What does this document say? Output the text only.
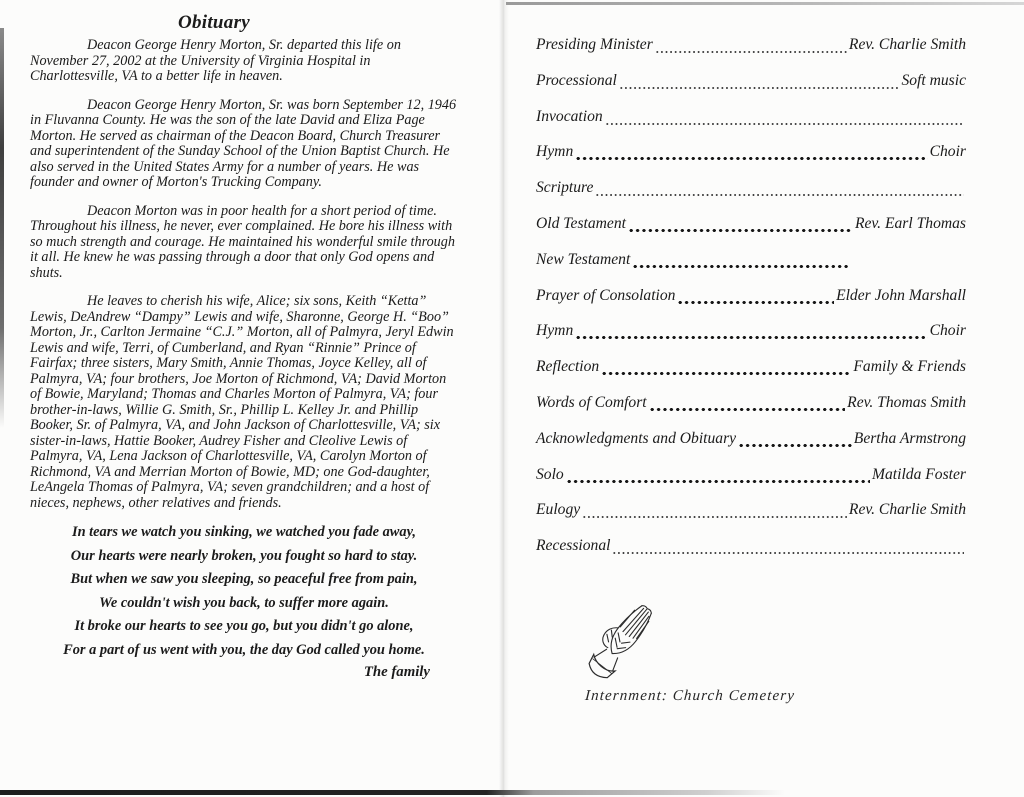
Obituary

Deacon George Henry Morton, Sr. departed this life on November 27, 2002 at the University of Virginia Hospital in Charlottesville, VA to a better life in heaven.

Deacon George Henry Morton, Sr. was born September 12, 1946 in Fluvanna County. He was the son of the late David and Eliza Page Morton. He served as chairman of the Deacon Board, Church Treasurer and superintendent of the Sunday School of the Union Baptist Church. He also served in the United States Army for a number of years. He was founder and owner of Morton's Trucking Company.

Deacon Morton was in poor health for a short period of time. Throughout his illness, he never, ever complained. He bore his illness with so much strength and courage. He maintained his wonderful smile through it all. He knew he was passing through a door that only God opens and shuts.

He leaves to cherish his wife, Alice; six sons, Keith “Ketta” Lewis, DeAndrew “Dampy” Lewis and wife, Sharonne, George H. “Boo” Morton, Jr., Carlton Jermaine “C.J.” Morton, all of Palmyra, Jeryl Edwin Lewis and wife, Terri, of Cumberland, and Ryan “Rinnie” Prince of Fairfax; three sisters, Mary Smith, Annie Thomas, Joyce Kelley, all of Palmyra, VA; four brothers, Joe Morton of Richmond, VA; David Morton of Bowie, Maryland; Thomas and Charles Morton of Palmyra, VA; four brother-in-laws, Willie G. Smith, Sr., Phillip L. Kelley Jr. and Phillip Booker, Sr. of Palmyra, VA, and John Jackson of Charlottesville, VA; six sister-in-laws, Hattie Booker, Audrey Fisher and Cleolive Lewis of Palmyra, VA, Lena Jackson of Charlottesville, VA, Carolyn Morton of Richmond, VA and Merrian Morton of Bowie, MD; one God-daughter, LeAngela Thomas of Palmyra, VA; seven grandchildren; and a host of nieces, nephews, other relatives and friends.

In tears we watch you sinking, we watched you fade away,
Our hearts were nearly broken, you fought so hard to stay.
But when we saw you sleeping, so peaceful free from pain,
We couldn't wish you back, to suffer more again.
It broke our hearts to see you go, but you didn't go alone,
For a part of us went with you, the day God called you home.
The family
Presiding Minister	Rev. Charlie Smith
Processional	Soft music
Invocation
Hymn	Choir
Scripture
Old Testament	Rev. Earl Thomas
New Testament
Prayer of Consolation	Elder John Marshall
Hymn	Choir
Reflection	Family & Friends
Words of Comfort	Rev. Thomas Smith
Acknowledgments and Obituary	Bertha Armstrong
Solo	Matilda Foster
Eulogy	Rev. Charlie Smith
Recessional
Internment: Church Cemetery
